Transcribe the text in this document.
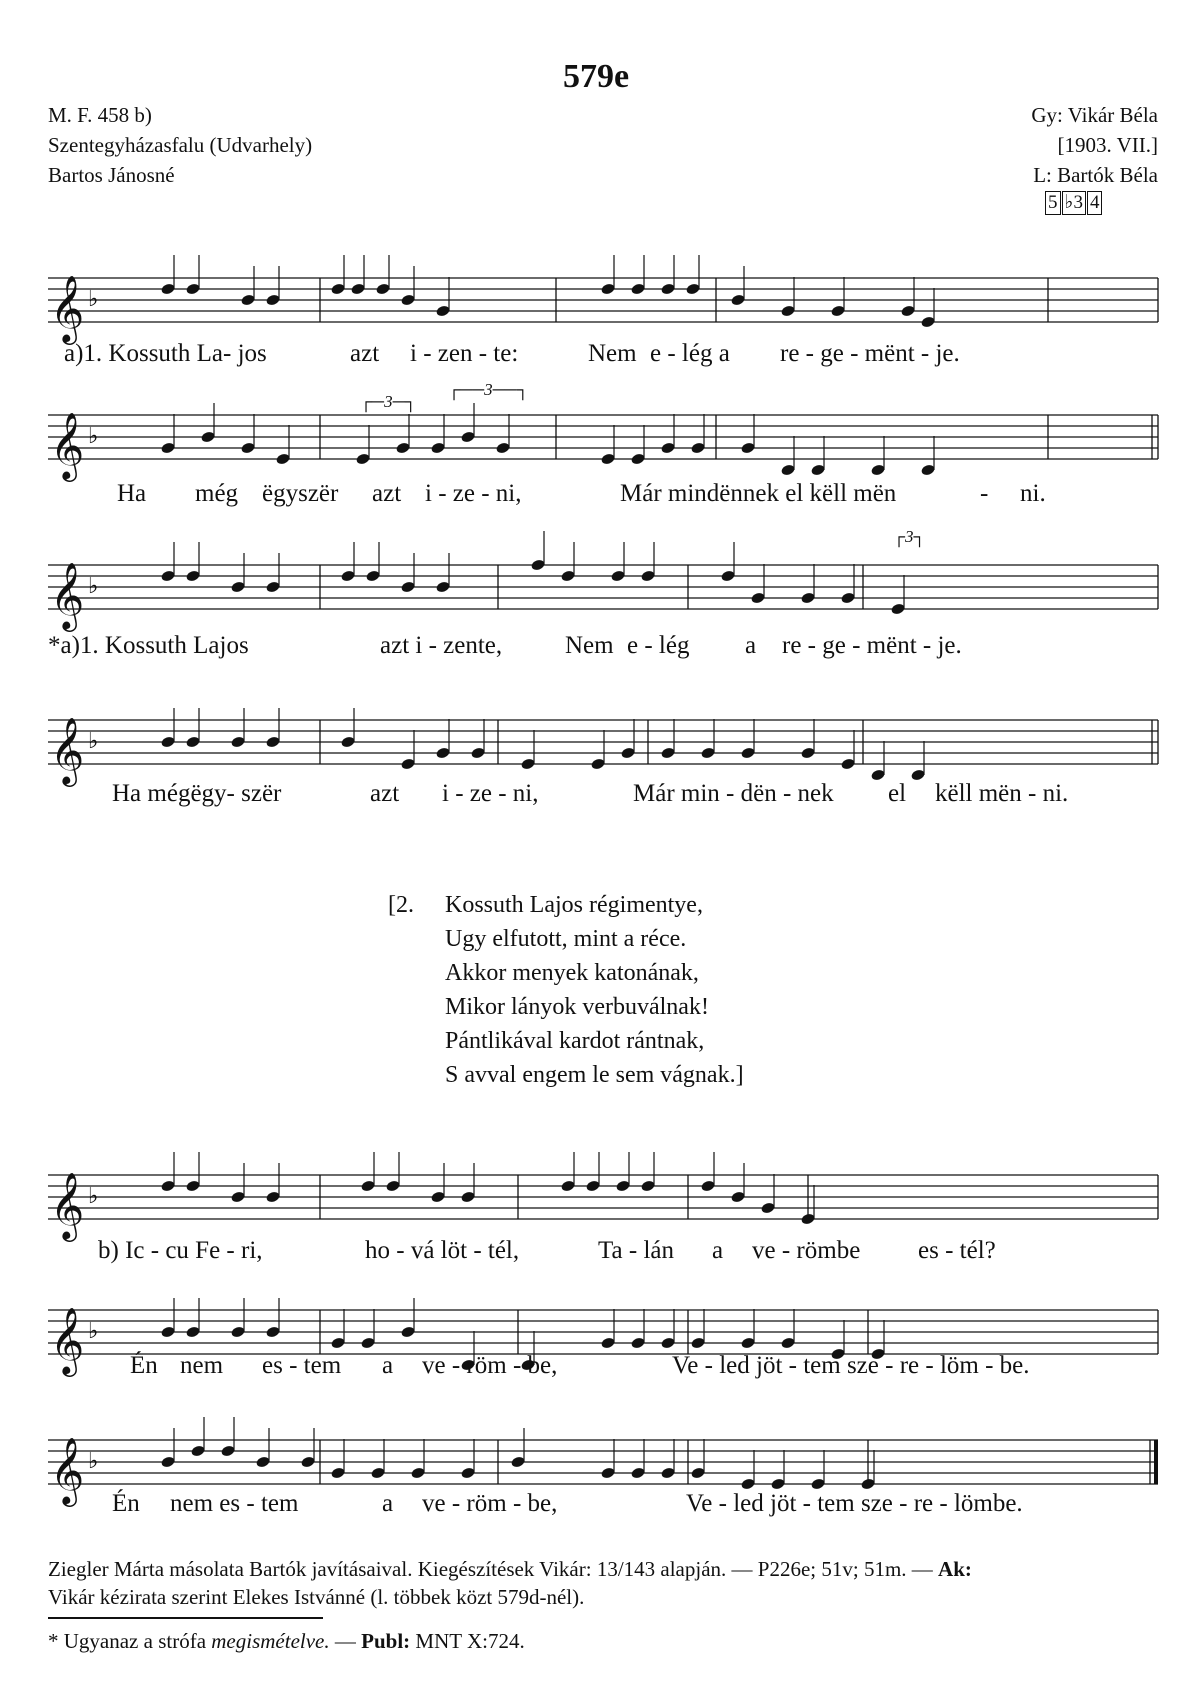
579e
M. F. 458 b)
Szentegyházasfalu (Udvarhely)
Bartos Jánosné
Gy: Vikár Béla
[1903. VII.]
L: Bartók Béla
5 ♭3 4
𝄞 ♭
𝄞 ♭
𝄞 ♭
𝄞 ♭
𝄞 ♭
𝄞 ♭
𝄞 ♭
┌─3─┐
┌──3──┐
┌3┐
a)1. Kossuth La- jos	azt i - zen - te:	Nem e - lég a re - ge - mënt - je.
Ha még ëgyszër azt i - ze - ni,	Már mindënnek el këll mën	- ni.
*a)1. Kossuth Lajos	azt i - zente,	Nem e - lég a re - ge - mënt - je.
Ha mégëgy- szër	azt i - ze - ni,	Már min - dën - nek el këll mën - ni.
[2. Kossuth Lajos régimentye,
Ugy elfutott, mint a réce.
Akkor menyek katonának,
Mikor lányok verbuválnak!
Pántlikával kardot rántnak,
S avval engem le sem vágnak.]
b) Ic - cu Fe - ri,	ho - vá löt - tél,	Ta - lán a ve - römbe es - tél?
Én nem es - tem a ve - röm - be,	Ve - led jöt - tem sze - re - löm - be.
Én nem es - tem	a ve - röm - be,	Ve - led jöt - tem sze - re - lömbe.
Ziegler Márta másolata Bartók javításaival. Kiegészítések Vikár: 13/143 alapján. — P226e; 51v; 51m. — Ak:
Vikár kézirata szerint Elekes Istvánné (l. többek közt 579d-nél).
* Ugyanaz a strófa megismételve. — Publ: MNT X:724.
